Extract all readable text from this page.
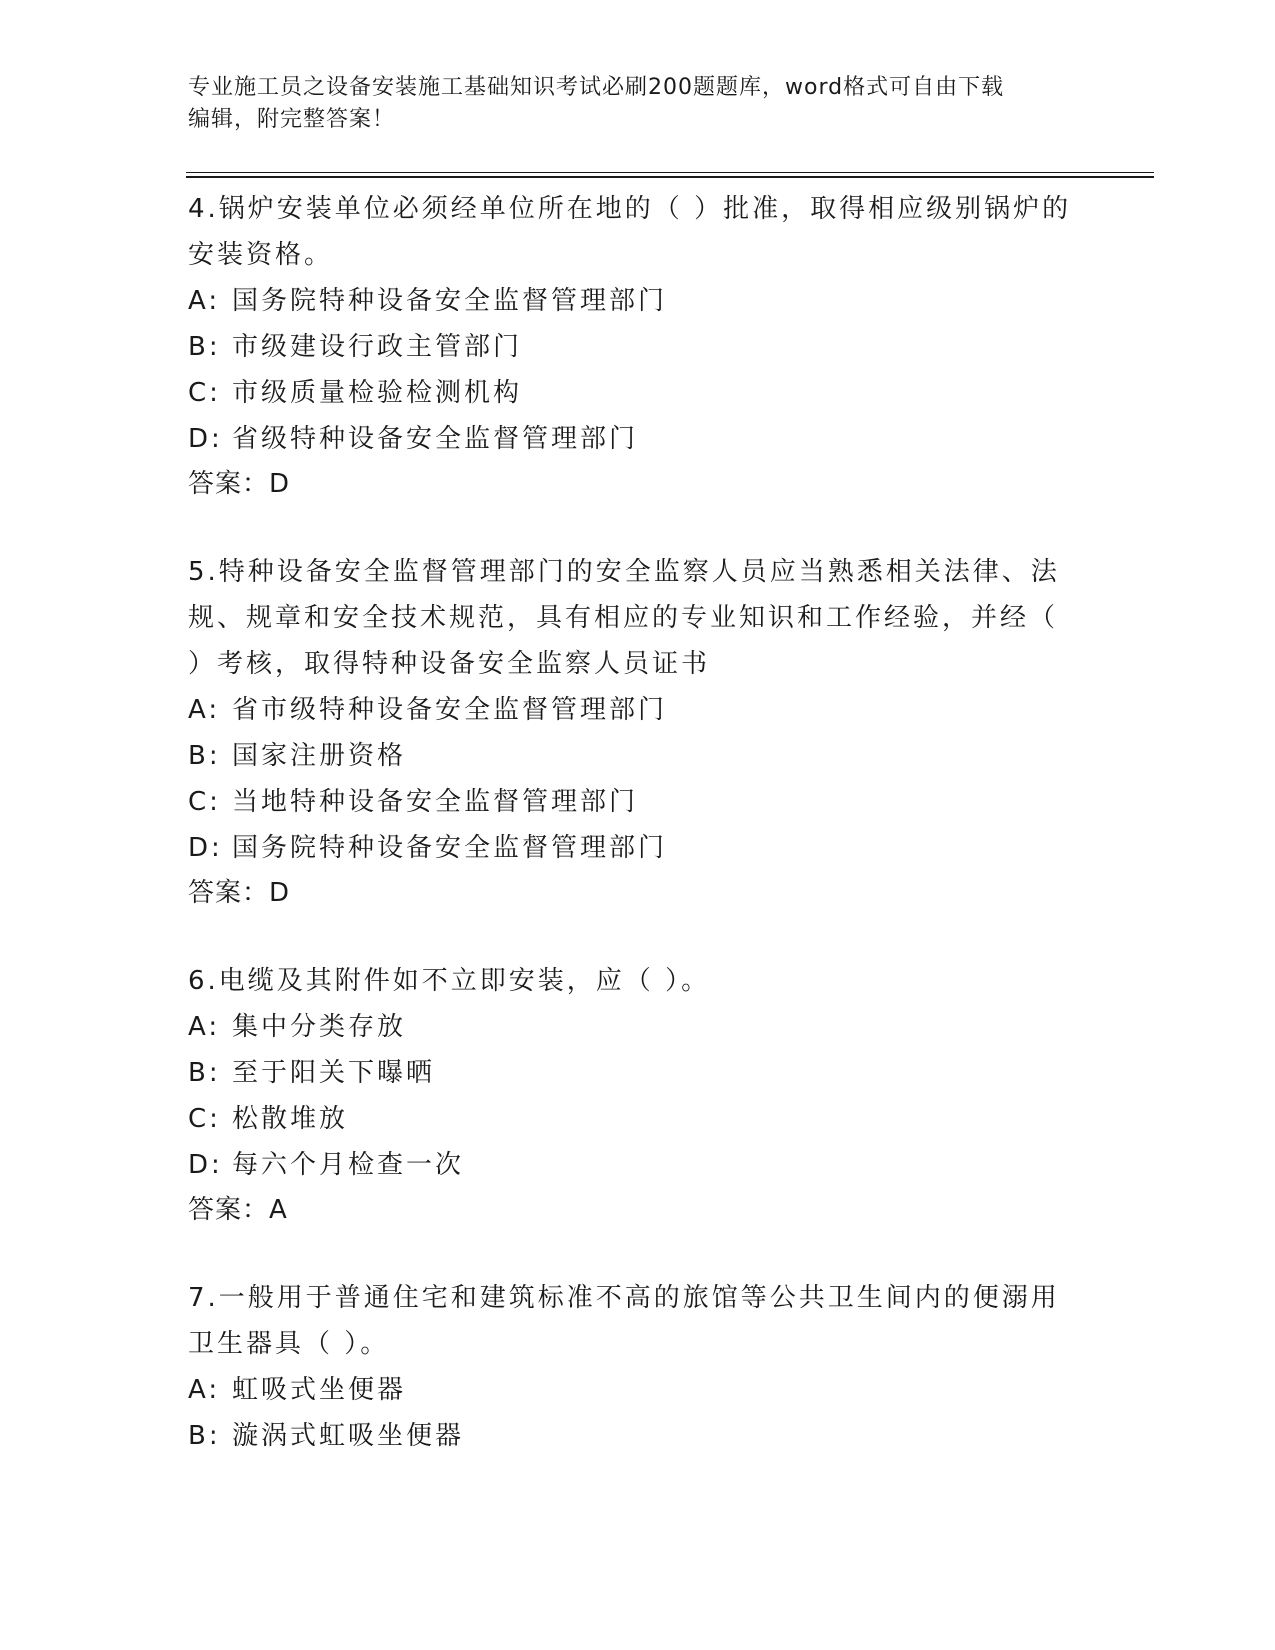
专业施工员之设备安装施工基础知识考试必刷200题题库，word格式可自由下载
编辑，附完整答案！
4.锅炉安装单位必须经单位所在地的（ ）批准，取得相应级别锅炉的
安装资格。
A: 国务院特种设备安全监督管理部门
B: 市级建设行政主管部门
C: 市级质量检验检测机构
D: 省级特种设备安全监督管理部门
答案：D
5.特种设备安全监督管理部门的安全监察人员应当熟悉相关法律、法
规、规章和安全技术规范，具有相应的专业知识和工作经验，并经（
）考核，取得特种设备安全监察人员证书
A: 省市级特种设备安全监督管理部门
B: 国家注册资格
C: 当地特种设备安全监督管理部门
D: 国务院特种设备安全监督管理部门
答案：D
6.电缆及其附件如不立即安装，应（ ）。
A: 集中分类存放
B: 至于阳关下曝晒
C: 松散堆放
D: 每六个月检查一次
答案：A
7.一般用于普通住宅和建筑标准不高的旅馆等公共卫生间内的便溺用
卫生器具（ ）。
A: 虹吸式坐便器
B: 漩涡式虹吸坐便器
